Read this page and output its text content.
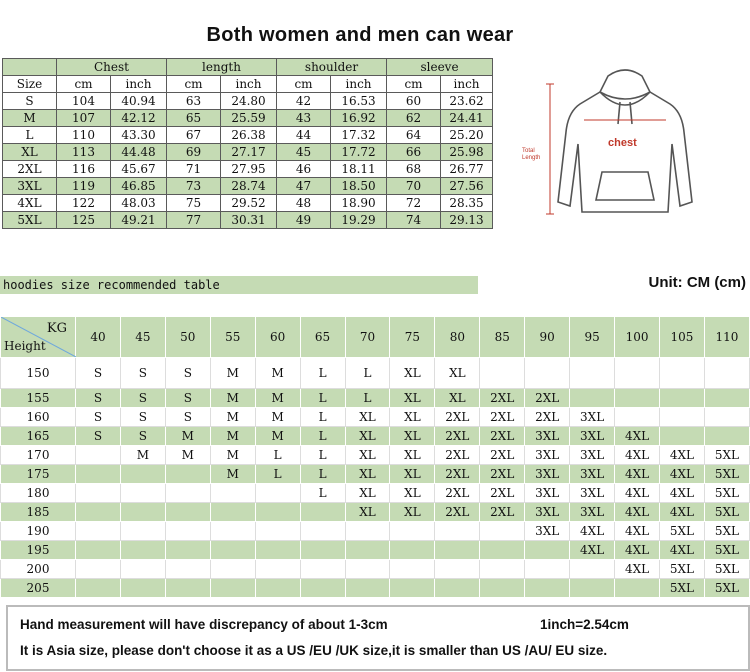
Both women and men can wear
	Chest		length		shoulder		sleeve	
Size	cm	inch	cm	inch	cm	inch	cm	inch
S	104	40.94	63	24.80	42	16.53	60	23.62
M	107	42.12	65	25.59	43	16.92	62	24.41
L	110	43.30	67	26.38	44	17.32	64	25.20
XL	113	44.48	69	27.17	45	17.72	66	25.98
2XL	116	45.67	71	27.95	46	18.11	68	26.77
3XL	119	46.85	73	28.74	47	18.50	70	27.56
4XL	122	48.03	75	29.52	48	18.90	72	28.35
5XL	125	49.21	77	30.31	49	19.29	74	29.13
chest
Total
Length
hoodies size recommended table	Unit: CM (cm)
KG
Height	40	45	50	55	60	65	70	75	80	85	90	95	100	105	110
150	S	S	S	M	M	L	L	XL	XL						
155	S	S	S	M	M	L	L	XL	XL	2XL	2XL				
160	S	S	S	M	M	L	XL	XL	2XL	2XL	2XL	3XL			
165	S	S	M	M	M	L	XL	XL	2XL	2XL	3XL	3XL	4XL		
170		M	M	M	L	L	XL	XL	2XL	2XL	3XL	3XL	4XL	4XL	5XL
175				M	L	L	XL	XL	2XL	2XL	3XL	3XL	4XL	4XL	5XL
180						L	XL	XL	2XL	2XL	3XL	3XL	4XL	4XL	5XL
185							XL	XL	2XL	2XL	3XL	3XL	4XL	4XL	5XL
190											3XL	4XL	4XL	5XL	5XL
195												4XL	4XL	4XL	5XL
200													4XL	5XL	5XL
205														5XL	5XL
Hand measurement will have discrepancy of about 1-3cm	1inch=2.54cm
It is Asia size, please don't choose it as a US /EU /UK size,it is smaller than US /AU/ EU size.
